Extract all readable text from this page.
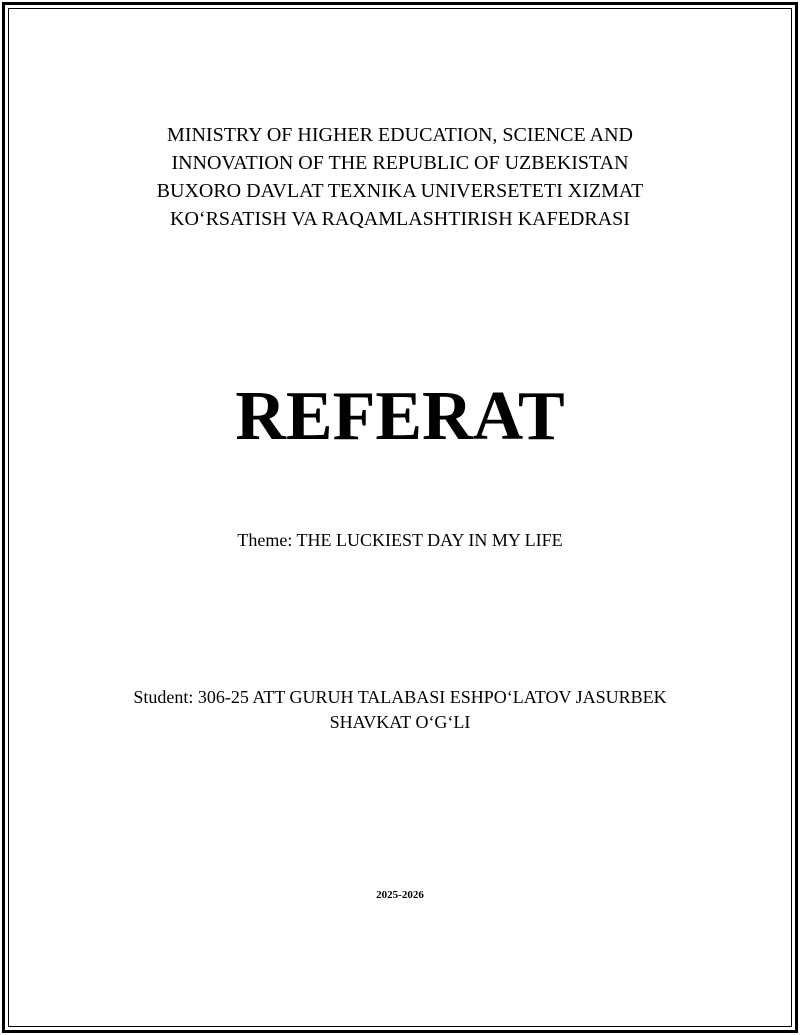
MINISTRY OF HIGHER EDUCATION, SCIENCE AND
INNOVATION OF THE REPUBLIC OF UZBEKISTAN
BUXORO DAVLAT TEXNIKA UNIVERSETETI XIZMAT
KO‘RSATISH VA RAQAMLASHTIRISH KAFEDRASI
REFERAT
Theme: THE LUCKIEST DAY IN MY LIFE
Student: 306-25 ATT GURUH TALABASI ESHPO‘LATOV JASURBEK
SHAVKAT O‘G‘LI
2025-2026
